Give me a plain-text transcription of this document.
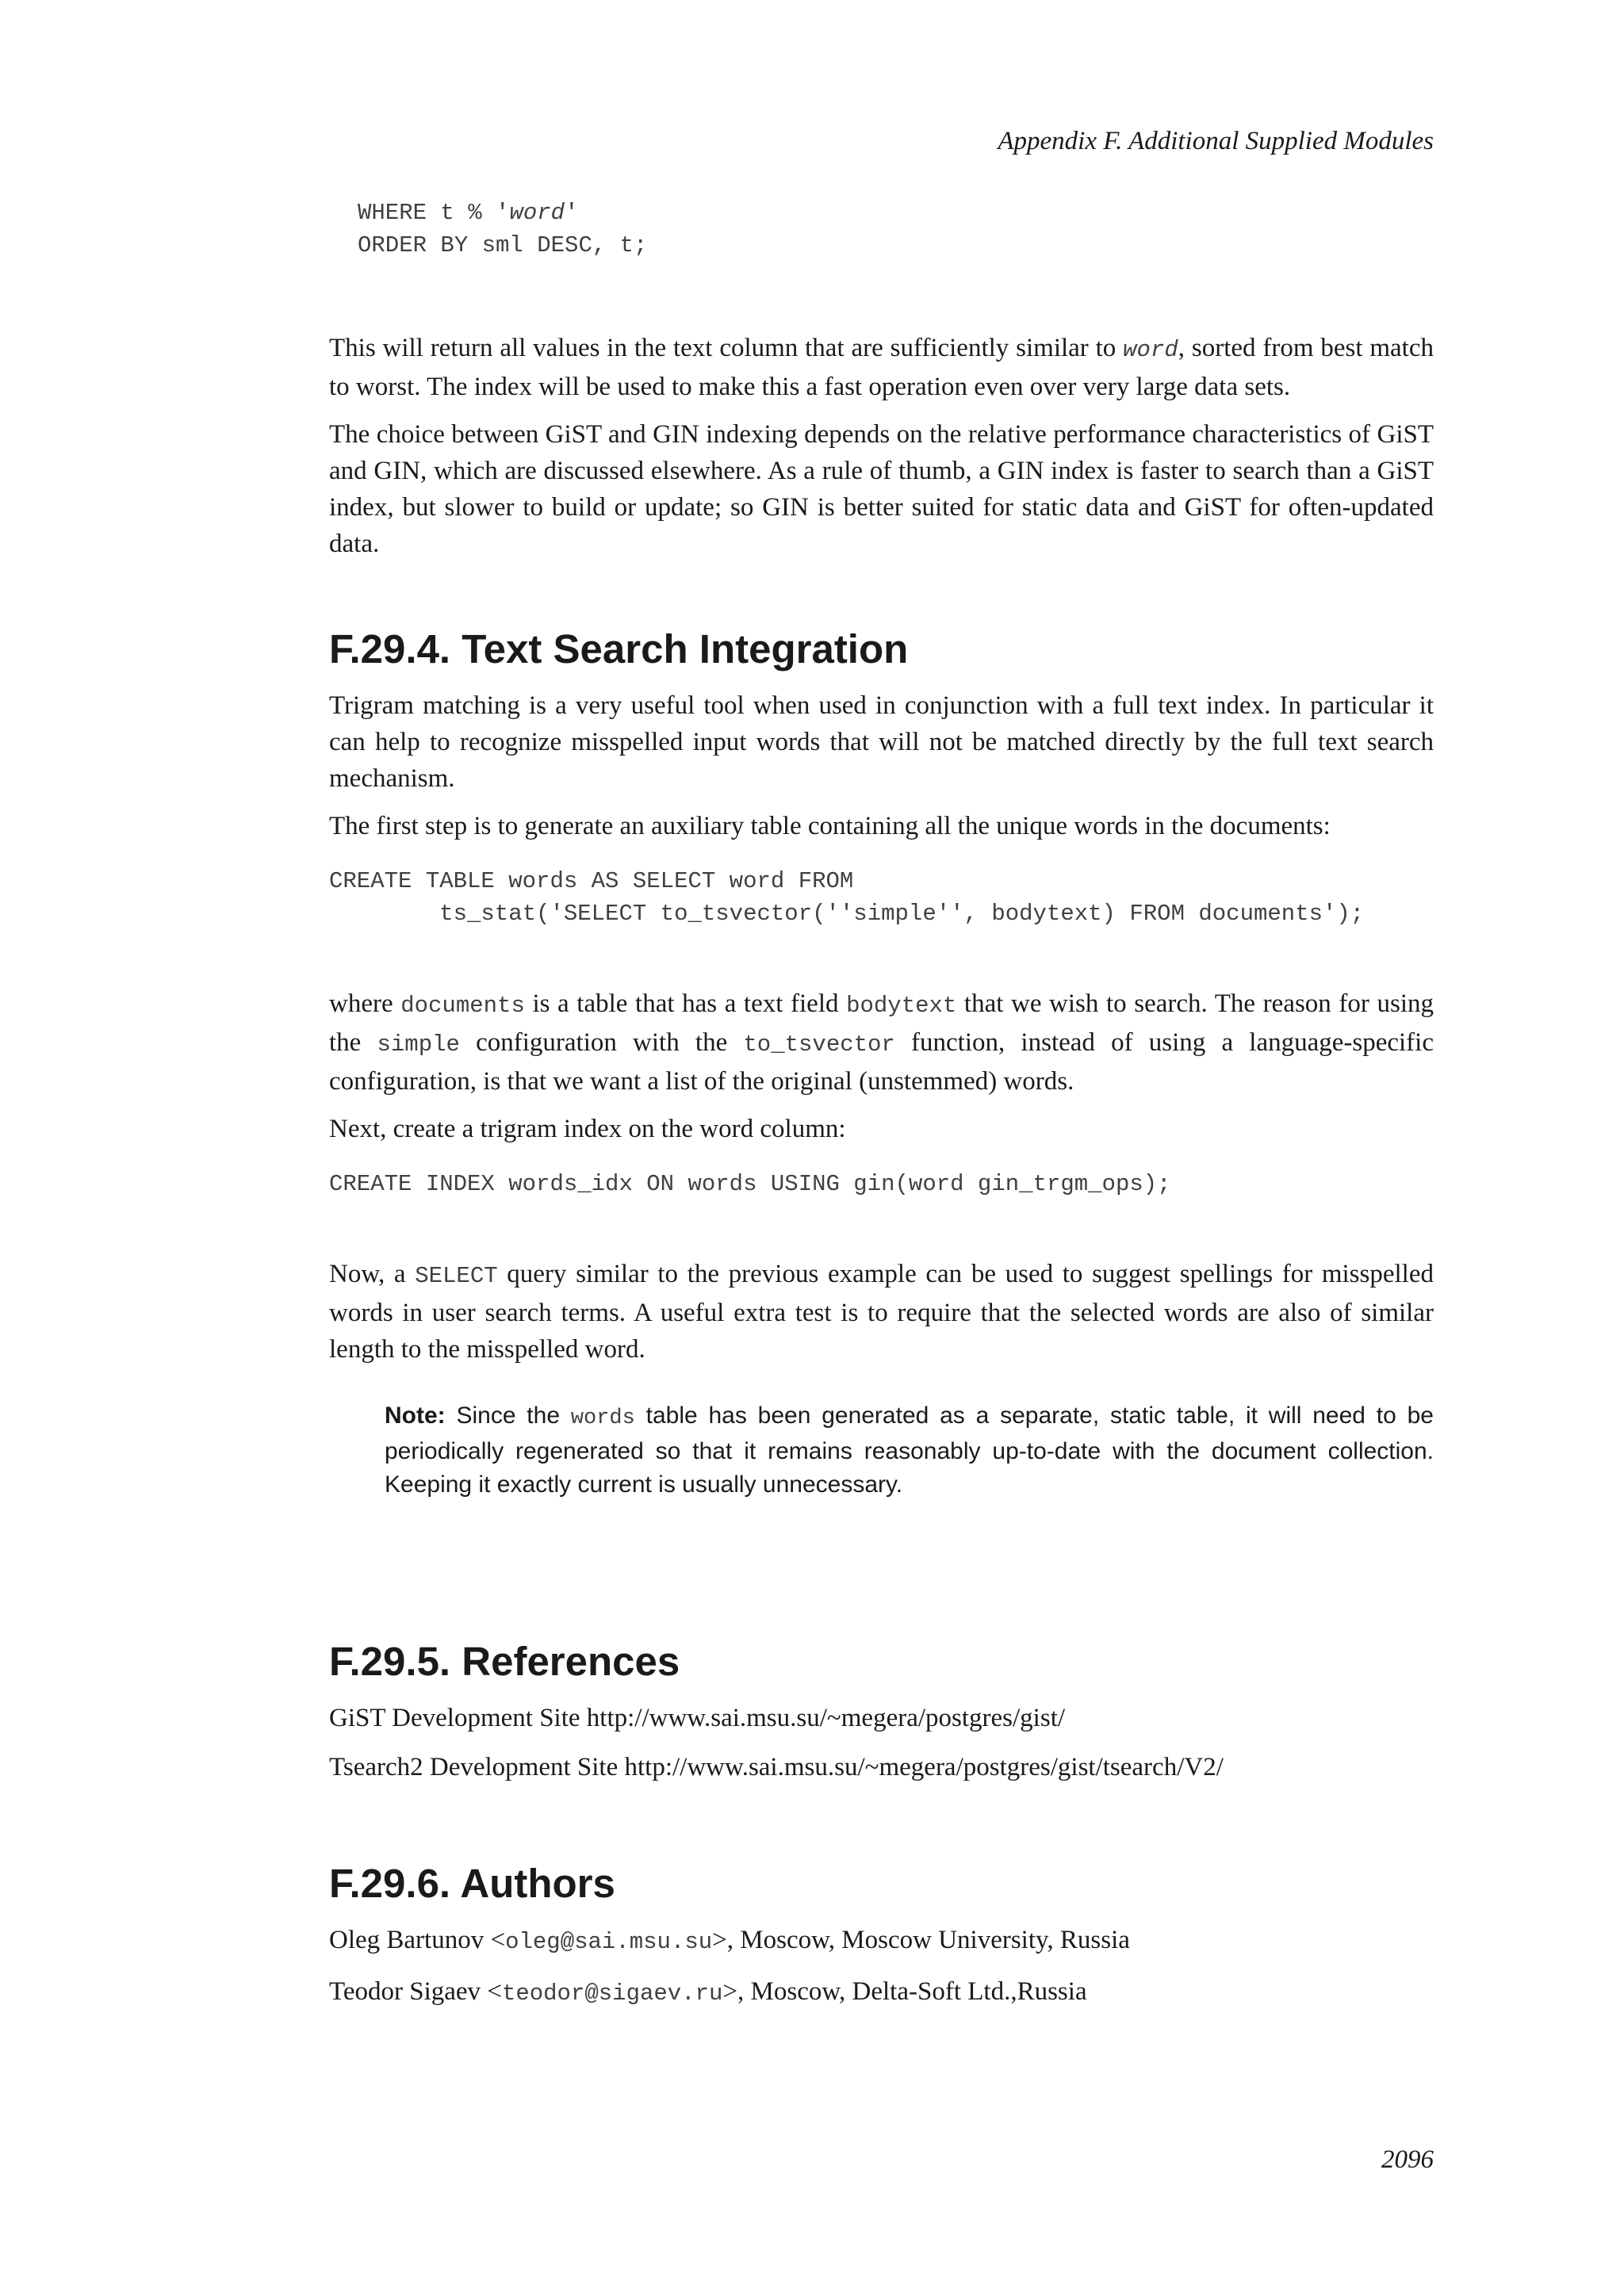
Appendix F. Additional Supplied Modules
WHERE t % 'word'
ORDER BY sml DESC, t;

This will return all values in the text column that are sufficiently similar to word, sorted from best match to worst. The index will be used to make this a fast operation even over very large data sets.

The choice between GiST and GIN indexing depends on the relative performance characteristics of GiST and GIN, which are discussed elsewhere. As a rule of thumb, a GIN index is faster to search than a GiST index, but slower to build or update; so GIN is better suited for static data and GiST for often-updated data.

F.29.4. Text Search Integration

Trigram matching is a very useful tool when used in conjunction with a full text index. In particular it can help to recognize misspelled input words that will not be matched directly by the full text search mechanism.

The first step is to generate an auxiliary table containing all the unique words in the documents:

CREATE TABLE words AS SELECT word FROM
ts_stat('SELECT to_tsvector(''simple'', bodytext) FROM documents');

where documents is a table that has a text field bodytext that we wish to search. The reason for using the simple configuration with the to_tsvector function, instead of using a language-specific configuration, is that we want a list of the original (unstemmed) words.

Next, create a trigram index on the word column:

CREATE INDEX words_idx ON words USING gin(word gin_trgm_ops);

Now, a SELECT query similar to the previous example can be used to suggest spellings for misspelled words in user search terms. A useful extra test is to require that the selected words are also of similar length to the misspelled word.

Note: Since the words table has been generated as a separate, static table, it will need to be periodically regenerated so that it remains reasonably up-to-date with the document collection. Keeping it exactly current is usually unnecessary.
F.29.5. References

GiST Development Site http://www.sai.msu.su/~megera/postgres/gist/

Tsearch2 Development Site http://www.sai.msu.su/~megera/postgres/gist/tsearch/V2/

F.29.6. Authors

Oleg Bartunov <oleg@sai.msu.su>, Moscow, Moscow University, Russia

Teodor Sigaev <teodor@sigaev.ru>, Moscow, Delta-Soft Ltd.,Russia

2096
